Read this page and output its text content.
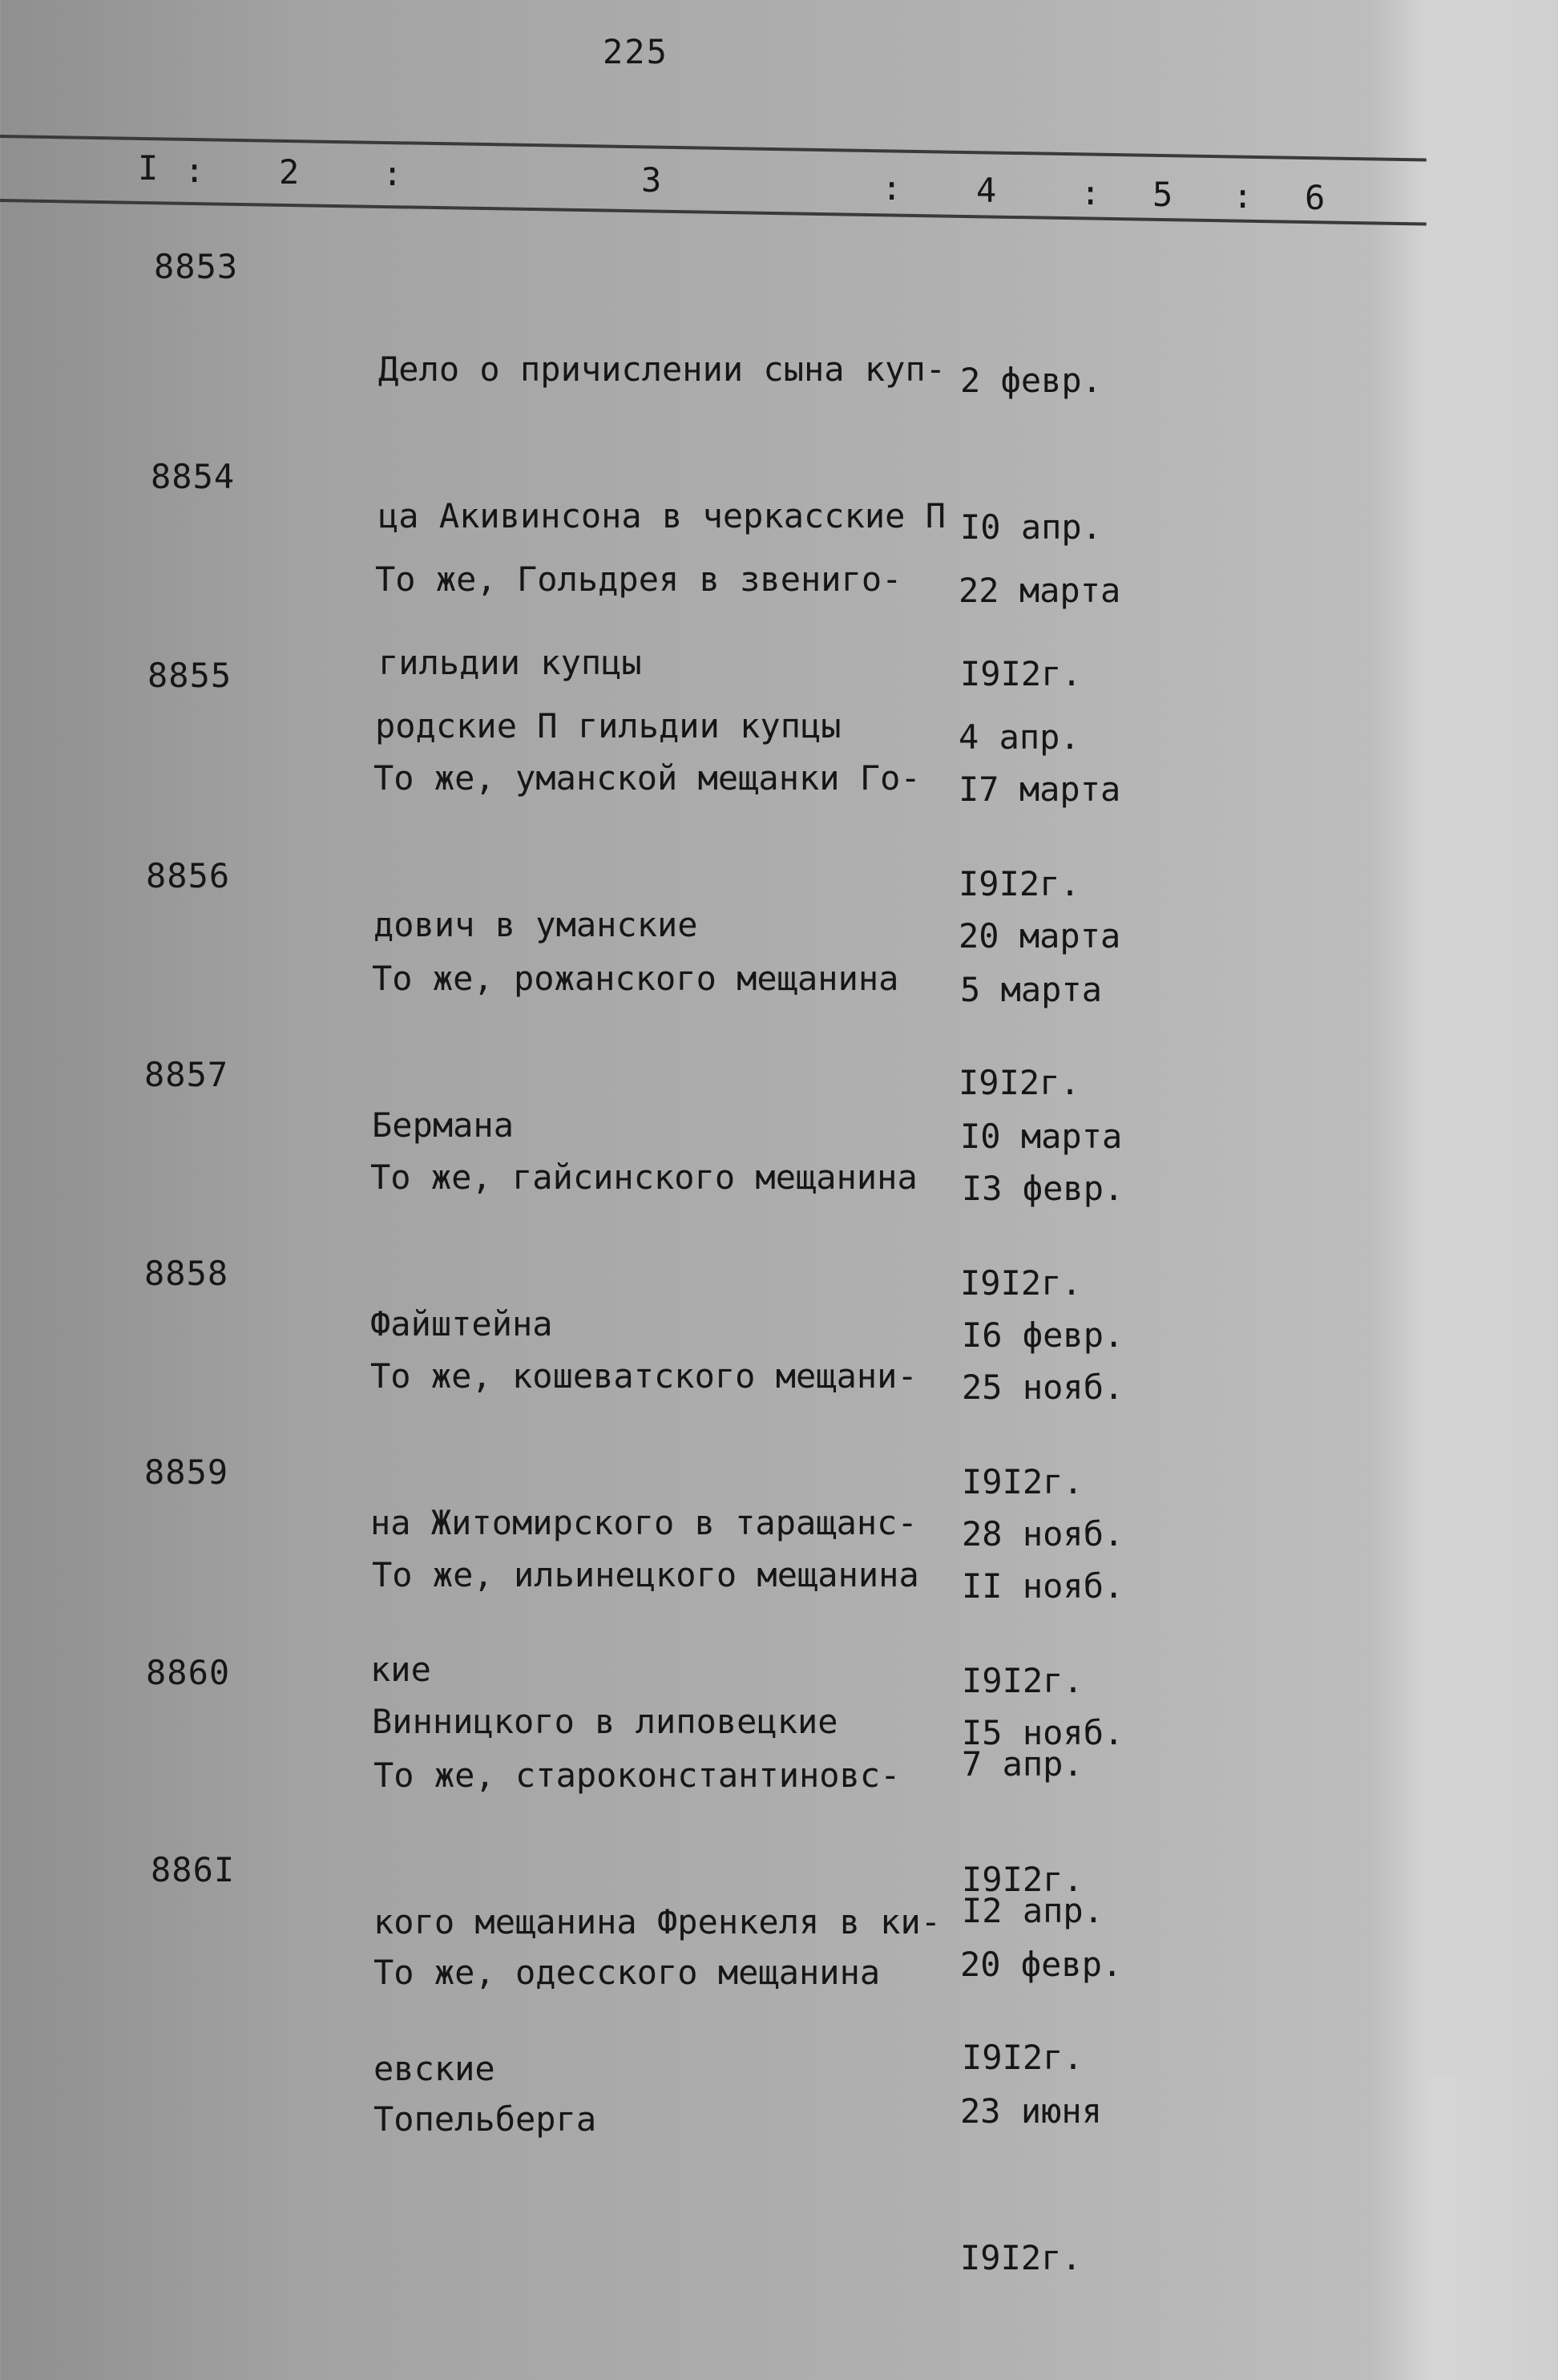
225
I : 2 :	3	: 4 : 5 : 6
8853

Дело о причислении сына куп-

ца Акивинсона в черкасские П

гильдии купцы

2 февр.

I0 апр.

I9I2г.

8854

То же, Гольдрея в звениго-

родские П гильдии купцы

22 марта

4 апр.

I9I2г.

8855

То же, уманской мещанки Го-

дович в уманские

I7 марта

20 марта

I9I2г.

8856

То же, рожанского мещанина

Бермана

5 марта

I0 марта

I9I2г.

8857

То же, гайсинского мещанина

Файштейна

I3 февр.

I6 февр.

I9I2г.

8858

То же, кошеватского мещани-

на Житомирского в таращанс-

кие

25 нояб.

28 нояб.

I9I2г.

8859

То же, ильинецкого мещанина

Винницкого в липовецкие

II нояб.

I5 нояб.

I9I2г.

8860

То же, староконстантиновс-

кого мещанина Френкеля в ки-

евские

7 апр.

I2 апр.

I9I2г.

886I

То же, одесского мещанина

Топельберга

20 февр.

23 июня

I9I2г.
